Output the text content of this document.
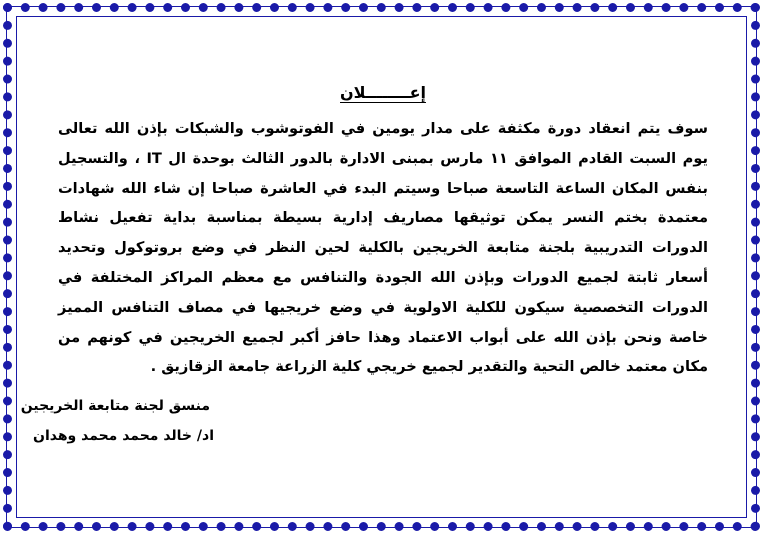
إعــــــــلان

سوف يتم انعقاد دورة مكثفة على مدار يومين في الفوتوشوب والشبكات بإذن الله تعالى يوم السبت القادم الموافق ١١ مارس بمبنى الادارة بالدور الثالث بوحدة ال IT ، والتسجيل بنفس المكان الساعة التاسعة صباحا وسيتم البدء في العاشرة صباحا إن شاء الله شهادات معتمدة بختم النسر يمكن توثيقها مصاريف إدارية بسيطة بمناسبة بداية تفعيل نشاط الدورات التدريبية بلجنة متابعة الخريجين بالكلية لحين النظر في وضع بروتوكول وتحديد أسعار ثابتة لجميع الدورات وبإذن الله الجودة والتنافس مع معظم المراكز المختلفة في الدورات التخصصية سيكون للكلية الاولوية في وضع خريجيها في مصاف التنافس المميز خاصة ونحن بإذن الله على أبواب الاعتماد وهذا حافز أكبر لجميع الخريجين في كونهم من مكان معتمد خالص التحية والتقدير لجميع خريجي كلية الزراعة جامعة الزقازيق .

منسق لجنة متابعة الخريجين
اد/ خالد محمد محمد وهدان
